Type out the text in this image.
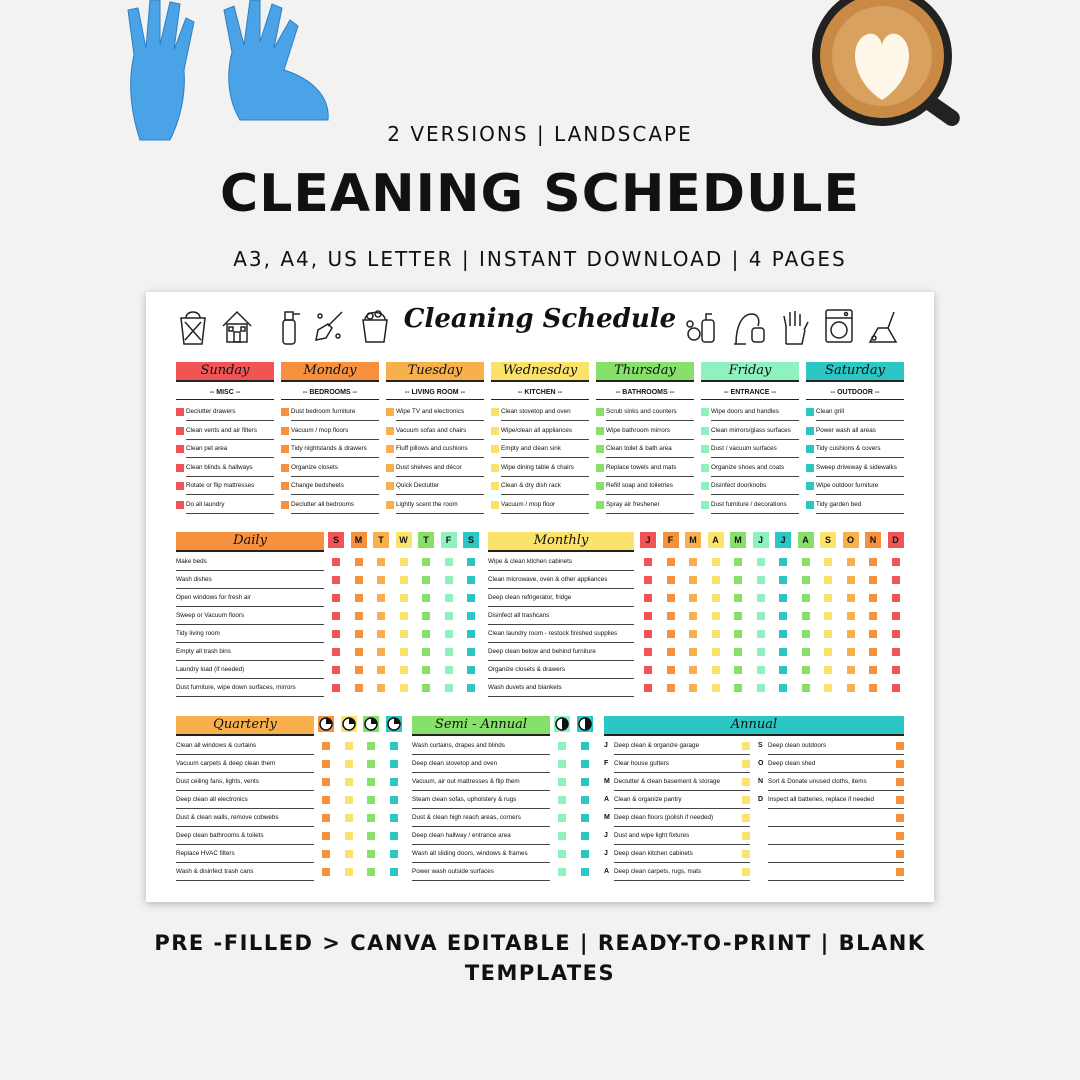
2 VERSIONS | LANDSCAPE
CLEANING SCHEDULE
A3, A4, US LETTER | INSTANT DOWNLOAD | 4 PAGES
Cleaning Schedule
Sunday
-- MISC --
Declutter drawers
Clean vents and air filters
Clean pet area
Clean blinds & hallways
Rotate or flip mattresses
Do all laundry
Monday
-- BEDROOMS --
Dust bedroom furniture
Vacuum / mop floors
Tidy nightstands & drawers
Organize closets
Change bedsheets
Declutter all bedrooms
Tuesday
-- LIVING ROOM --
Wipe TV and electronics
Vacuum sofas and chairs
Fluff pillows and cushions
Dust shelves and décor
Quick Declutter
Lightly scent the room
Wednesday
-- KITCHEN --
Clean stovetop and oven
Wipe/clean all appliances
Empty and clean sink
Wipe dining table & chairs
Clean & dry dish rack
Vacuum / mop floor
Thursday
-- BATHROOMS --
Scrub sinks and counters
Wipe bathroom mirrors
Clean toilet & bath area
Replace towels and mats
Refill soap and toiletries
Spray air freshener
Friday
-- ENTRANCE --
Wipe doors and handles
Clean mirrors/glass surfaces
Dust / vacuum surfaces
Organize shoes and coats
Disinfect doorknobs
Dust furniture / decorations
Saturday
-- OUTDOOR --
Clean grill
Power wash all areas
Tidy cushions & covers
Sweep driveway & sidewalks
Wipe outdoor furniture
Tidy garden bed
Daily	S	M	T	W	T	F	S
Make beds
Wash dishes
Open windows for fresh air
Sweep or Vacuum floors
Tidy living room
Empty all trash bins
Laundry load (if needed)
Dust furniture, wipe down surfaces, mirrors
Monthly	J	F	M	A	M	J	J	A	S	O	N	D
Wipe & clean kitchen cabinets
Clean microwave, oven & other appliances
Deep clean refrigerator, fridge
Disinfect all trashcans
Clean laundry room - restock finished supplies
Deep clean below and behind furniture
Organize closets & drawers
Wash duvets and blankets
Quarterly
Clean all windows & curtains
Vacuum carpets & deep clean them
Dust ceiling fans, lights, vents
Deep clean all electronics
Dust & clean walls, remove cobwebs
Deep clean bathrooms & toilets
Replace HVAC filters
Wash & disinfect trash cans
Semi - Annual
Wash curtains, drapes and blinds
Deep clean stovetop and oven
Vacuum, air out mattresses & flip them
Steam clean sofas, upholstery & rugs
Dust & clean high reach areas, corners
Deep clean hallway / entrance area
Wash all sliding doors, windows & frames
Power wash outside surfaces
Annual
J Deep clean & organize garage
F Clear house gutters
M Declutter & clean basement & storage
A Clean & organize pantry
M Deep clean floors (polish if needed)
J Dust and wipe light fixtures
J Deep clean kitchen cabinets
A Deep clean carpets, rugs, mats
S Deep clean outdoors
O Deep clean shed
N Sort & Donate unused cloths, items
D Inspect all batteries, replace if needed
PRE -FILLED > CANVA EDITABLE | READY-TO-PRINT | BLANK
TEMPLATES
